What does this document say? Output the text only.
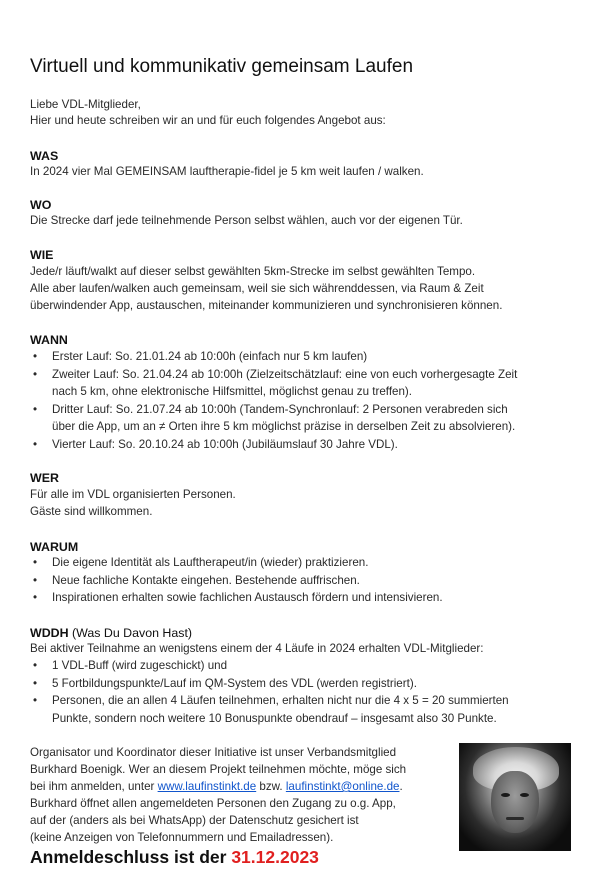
Virtuell und kommunikativ gemeinsam Laufen
Liebe VDL-Mitglieder,
Hier und heute schreiben wir an und für euch folgendes Angebot aus:
WAS
In 2024 vier Mal GEMEINSAM lauftherapie-fidel je 5 km weit laufen / walken.
WO
Die Strecke darf jede teilnehmende Person selbst wählen, auch vor der eigenen Tür.
WIE
Jede/r läuft/walkt auf dieser selbst gewählten 5km-Strecke im selbst gewählten Tempo.
Alle aber laufen/walken auch gemeinsam, weil sie sich währenddessen, via Raum & Zeit
überwindender App, austauschen, miteinander kommunizieren und synchronisieren können.
WANN
• Erster Lauf: So. 21.01.24 ab 10:00h (einfach nur 5 km laufen)
• Zweiter Lauf: So. 21.04.24 ab 10:00h (Zielzeitschätzlauf: eine von euch vorhergesagte Zeit
nach 5 km, ohne elektronische Hilfsmittel, möglichst genau zu treffen).
• Dritter Lauf: So. 21.07.24 ab 10:00h (Tandem-Synchronlauf: 2 Personen verabreden sich
über die App, um an ≠ Orten ihre 5 km möglichst präzise in derselben Zeit zu absolvieren).
• Vierter Lauf: So. 20.10.24 ab 10:00h (Jubiläumslauf 30 Jahre VDL).
WER
Für alle im VDL organisierten Personen.
Gäste sind willkommen.
WARUM
• Die eigene Identität als Lauftherapeut/in (wieder) praktizieren.
• Neue fachliche Kontakte eingehen. Bestehende auffrischen.
• Inspirationen erhalten sowie fachlichen Austausch fördern und intensivieren.
WDDH (Was Du Davon Hast)
Bei aktiver Teilnahme an wenigstens einem der 4 Läufe in 2024 erhalten VDL-Mitglieder:
• 1 VDL-Buff (wird zugeschickt) und
• 5 Fortbildungspunkte/Lauf im QM-System des VDL (werden registriert).
• Personen, die an allen 4 Läufen teilnehmen, erhalten nicht nur die 4 x 5 = 20 summierten
Punkte, sondern noch weitere 10 Bonuspunkte obendrauf – insgesamt also 30 Punkte.
Organisator und Koordinator dieser Initiative ist unser Verbandsmitglied
Burkhard Boenigk. Wer an diesem Projekt teilnehmen möchte, möge sich
bei ihm anmelden, unter www.laufinstinkt.de bzw. laufinstinkt@online.de.
Burkhard öffnet allen angemeldeten Personen den Zugang zu o.g. App,
auf der (anders als bei WhatsApp) der Datenschutz gesichert ist
(keine Anzeigen von Telefonnummern und Emailadressen).
Anmeldeschluss ist der 31.12.2023
